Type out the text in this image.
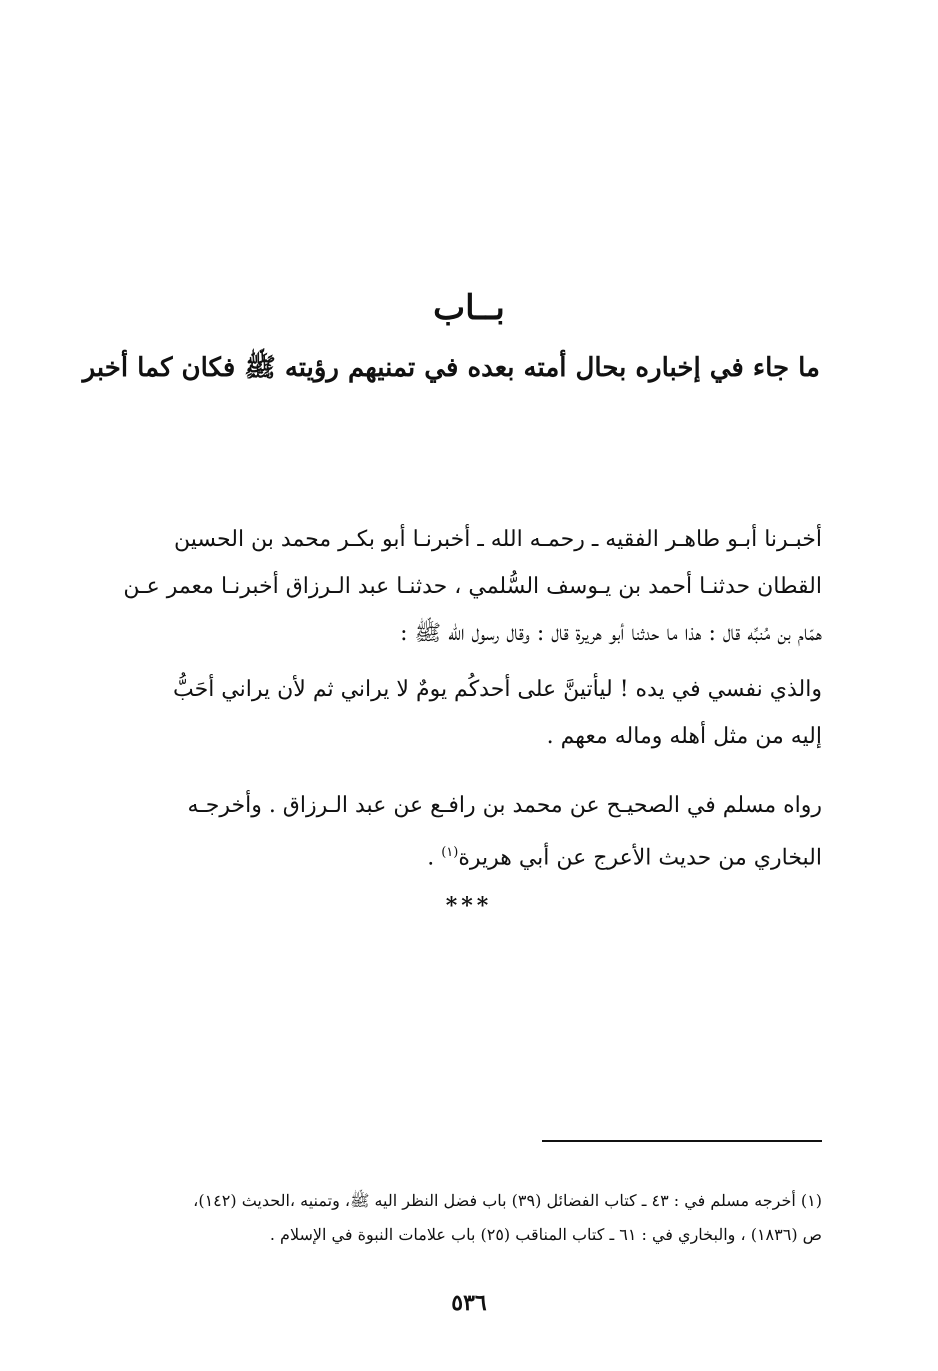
بــاب
ما جاء في إخباره بحال أمته بعده في تمنيهم رؤيته ﷺ فكان كما أخبر
أخبـرنا أبـو طاهـر الفقيه ـ رحمـه الله ـ أخبرنـا أبو بكـر محمد بن الحسين
القطان حدثنـا أحمد بن يـوسف السُّلمي ، حدثنـا عبد الـرزاق أخبرنـا معمر عـن
همّام بن مُنبِّه قال : هذا ما حدثنا أبو هريرة قال : وقال رسول الله ﷺ :
والذي نفسي في يده ! ليأتينَّ على أحدكُم يومٌ لا يراني ثم لأن يراني أحَبُّ
إليه من مثل أهله وماله معهم .
رواه مسلم في الصحيـح عن محمد بن رافـع عن عبد الـرزاق . وأخرجـه
البخاري من حديث الأعرج عن أبي هريرة$^{(١)}$ .
***
(١) أخرجه مسلم في : ٤٣ ـ كتاب الفضائل (٣٩) باب فضل النظر اليه ﷺ، وتمنيه ،الحديث (١٤٢)،
ص (١٨٣٦) ، والبخاري في : ٦١ ـ كتاب المناقب (٢٥) باب علامات النبوة في الإسلام .
٥٣٦
